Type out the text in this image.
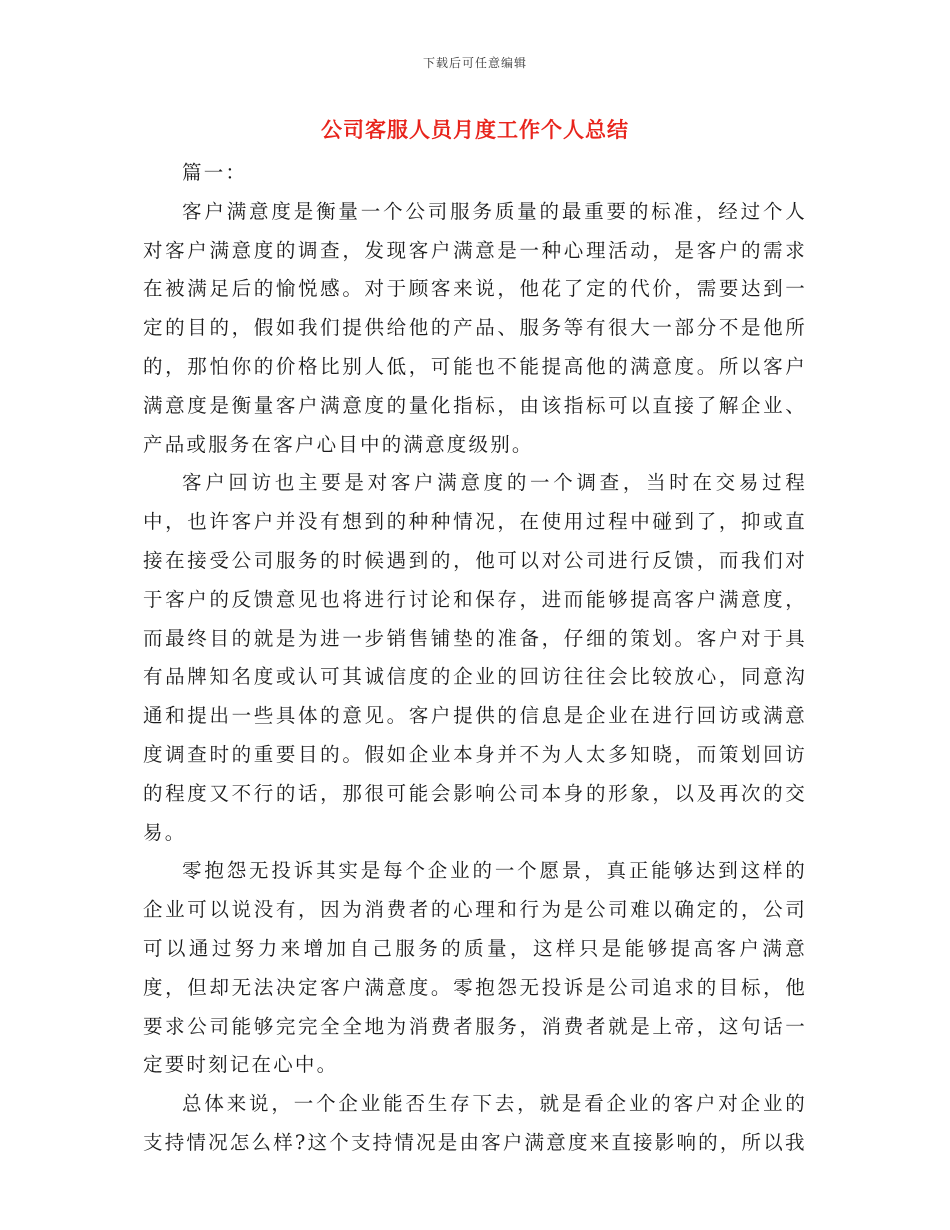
下载后可任意编辑
公司客服人员月度工作个人总结

篇一：

客户满意度是衡量一个公司服务质量的最重要的标准，经过个人对客户满意度的调查，发现客户满意是一种心理活动，是客户的需求在被满足后的愉悦感。对于顾客来说，他花了定的代价，需要达到一定的目的，假如我们提供给他的产品、服务等有很大一部分不是他所的，那怕你的价格比别人低，可能也不能提高他的满意度。所以客户满意度是衡量客户满意度的量化指标，由该指标可以直接了解企业、产品或服务在客户心目中的满意度级别。

客户回访也主要是对客户满意度的一个调查，当时在交易过程中，也许客户并没有想到的种种情况，在使用过程中碰到了，抑或直接在接受公司服务的时候遇到的，他可以对公司进行反馈，而我们对于客户的反馈意见也将进行讨论和保存，进而能够提高客户满意度，而最终目的就是为进一步销售铺垫的准备，仔细的策划。客户对于具有品牌知名度或认可其诚信度的企业的回访往往会比较放心，同意沟通和提出一些具体的意见。客户提供的信息是企业在进行回访或满意度调查时的重要目的。假如企业本身并不为人太多知晓，而策划回访的程度又不行的话，那很可能会影响公司本身的形象，以及再次的交易。

零抱怨无投诉其实是每个企业的一个愿景，真正能够达到这样的企业可以说没有，因为消费者的心理和行为是公司难以确定的，公司可以通过努力来增加自己服务的质量，这样只是能够提高客户满意度，但却无法决定客户满意度。零抱怨无投诉是公司追求的目标，他要求公司能够完完全全地为消费者服务，消费者就是上帝，这句话一定要时刻记在心中。

总体来说，一个企业能否生存下去，就是看企业的客户对企业的支持情况怎么样?这个支持情况是由客户满意度来直接影响的，所以我
